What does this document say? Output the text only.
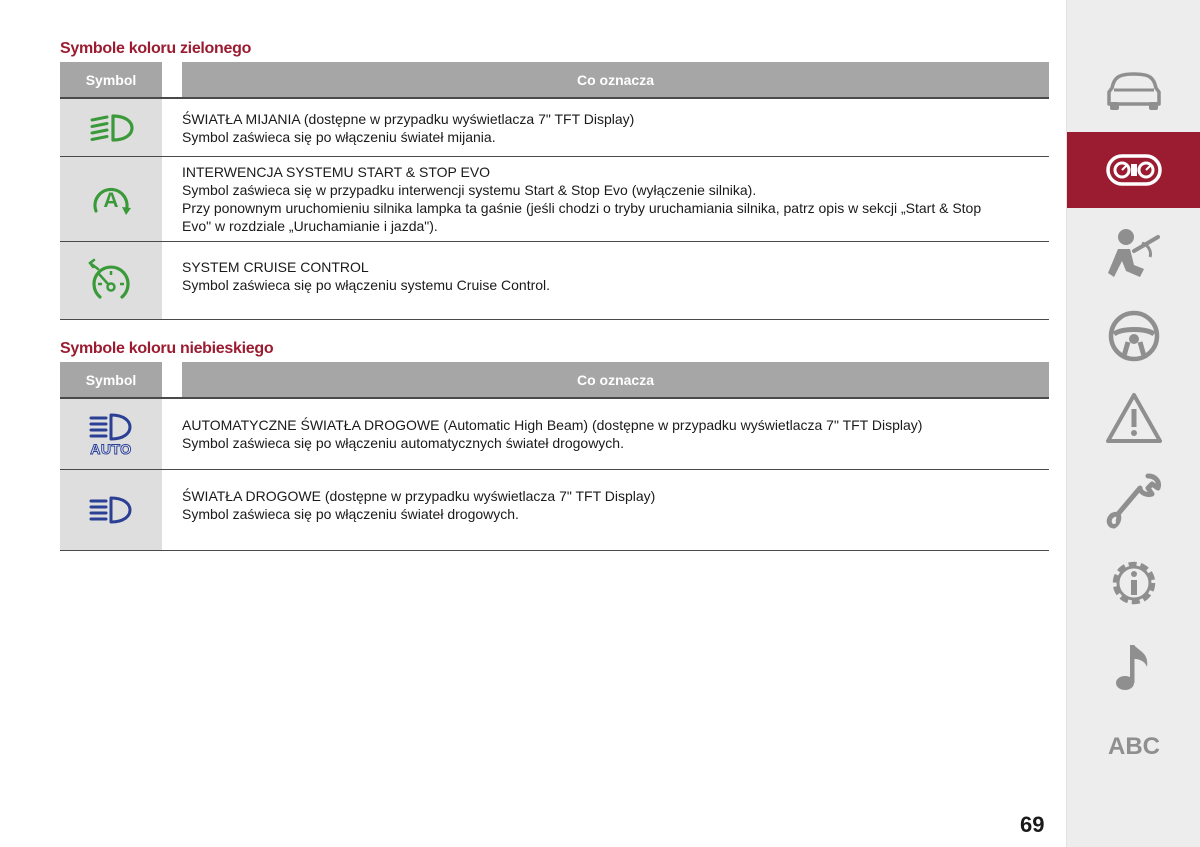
Symbole koloru zielonego
Symbol	Co oznacza
ŚWIATŁA MIJANIA (dostępne w przypadku wyświetlacza 7" TFT Display)
Symbol zaświeca się po włączeniu świateł mijania.
A
INTERWENCJA SYSTEMU START & STOP EVO
Symbol zaświeca się w przypadku interwencji systemu Start & Stop Evo (wyłączenie silnika).
Przy ponownym uruchomieniu silnika lampka ta gaśnie (jeśli chodzi o tryby uruchamiania silnika, patrz opis w sekcji „Start & Stop
Evo" w rozdziale „Uruchamianie i jazda").
SYSTEM CRUISE CONTROL
Symbol zaświeca się po włączeniu systemu Cruise Control.
Symbole koloru niebieskiego
Symbol	Co oznacza
AUTO
AUTOMATYCZNE ŚWIATŁA DROGOWE (Automatic High Beam) (dostępne w przypadku wyświetlacza 7" TFT Display)
Symbol zaświeca się po włączeniu automatycznych świateł drogowych.
ŚWIATŁA DROGOWE (dostępne w przypadku wyświetlacza 7" TFT Display)
Symbol zaświeca się po włączeniu świateł drogowych.
ABC
69
